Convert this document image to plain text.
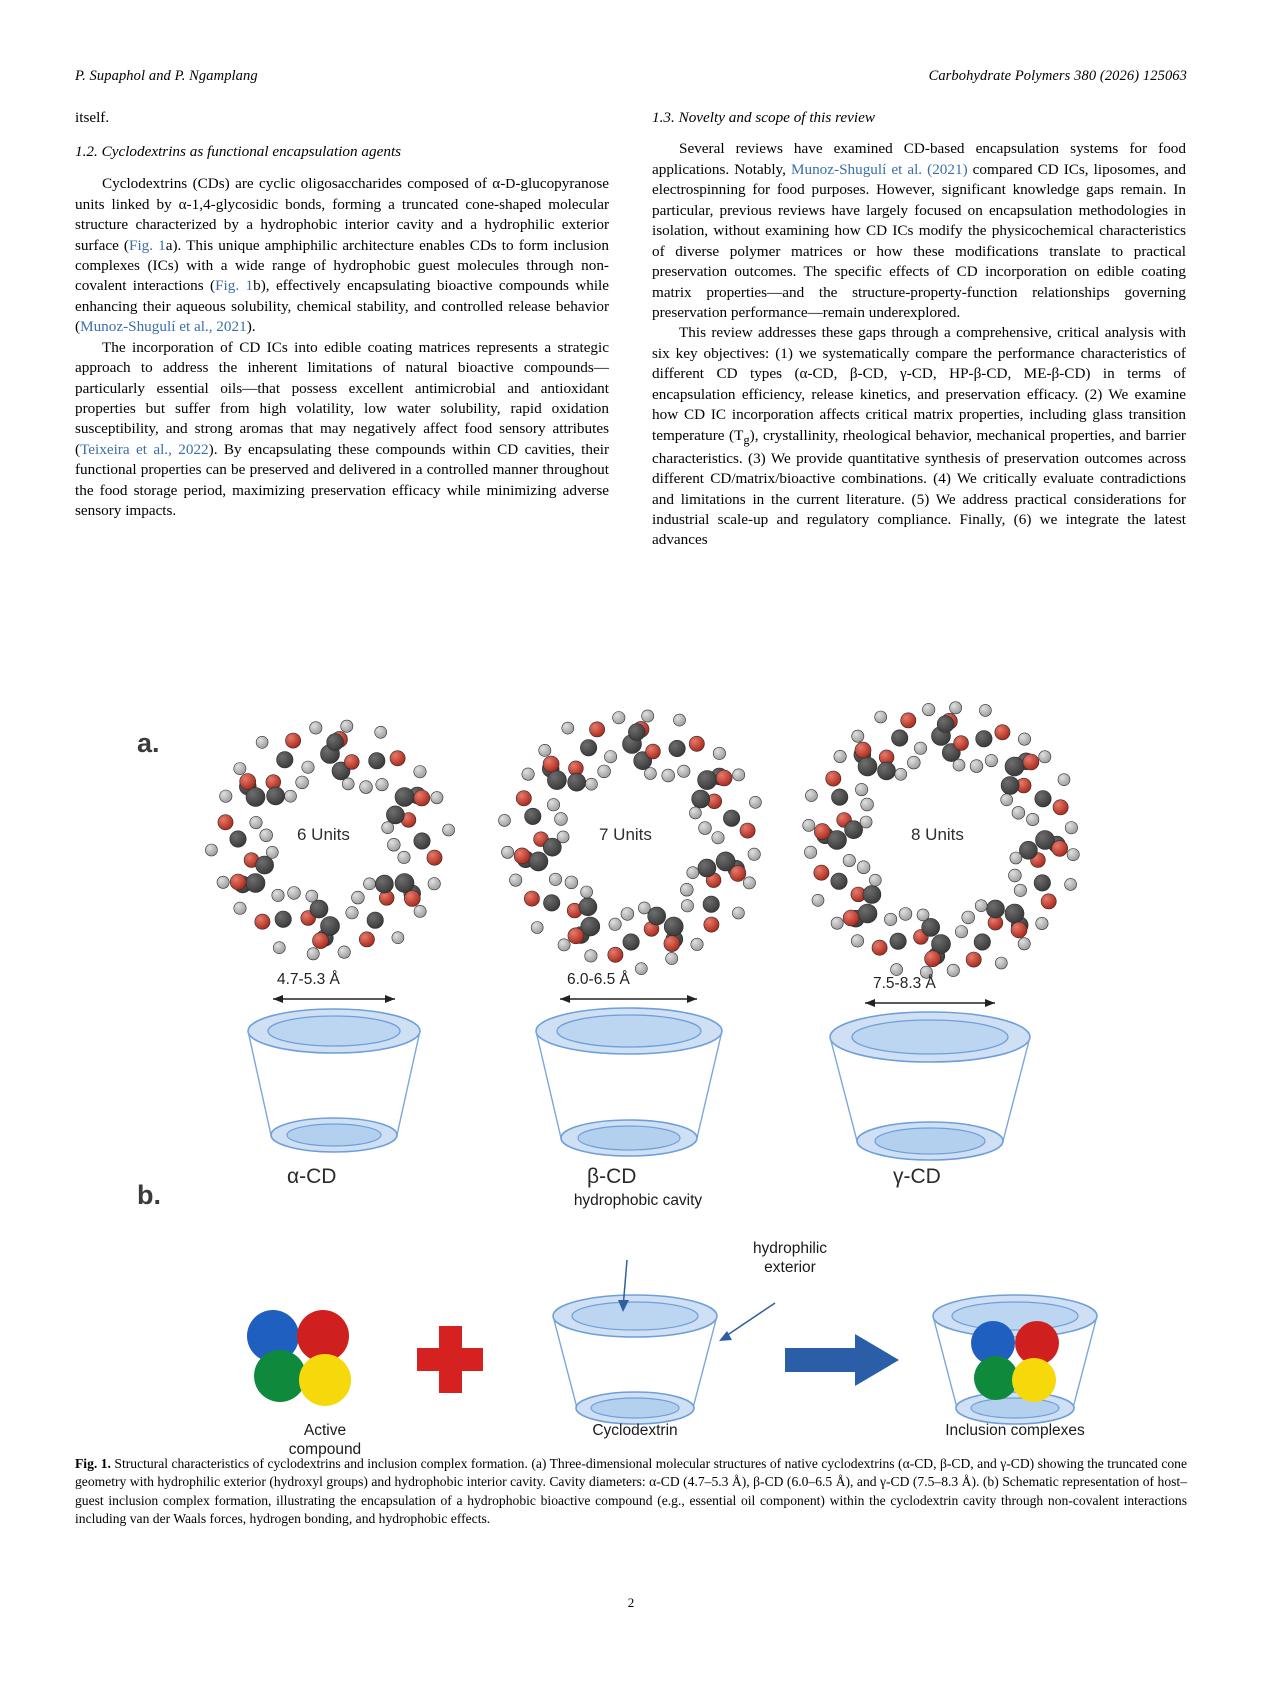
P. Supaphol and P. Ngamplang	Carbohydrate Polymers 380 (2026) 125063

itself.

1.2. Cyclodextrins as functional encapsulation agents

Cyclodextrins (CDs) are cyclic oligosaccharides composed of α-D-glucopyranose units linked by α-1,4-glycosidic bonds, forming a truncated cone-shaped molecular structure characterized by a hydrophobic interior cavity and a hydrophilic exterior surface (Fig. 1a). This unique amphiphilic architecture enables CDs to form inclusion complexes (ICs) with a wide range of hydrophobic guest molecules through non-covalent interactions (Fig. 1b), effectively encapsulating bioactive compounds while enhancing their aqueous solubility, chemical stability, and controlled release behavior (Munoz-Shugulí et al., 2021).

The incorporation of CD ICs into edible coating matrices represents a strategic approach to address the inherent limitations of natural bioactive compounds—particularly essential oils—that possess excellent antimicrobial and antioxidant properties but suffer from high volatility, low water solubility, rapid oxidation susceptibility, and strong aromas that may negatively affect food sensory attributes (Teixeira et al., 2022). By encapsulating these compounds within CD cavities, their functional properties can be preserved and delivered in a controlled manner throughout the food storage period, maximizing preservation efficacy while minimizing adverse sensory impacts.

1.3. Novelty and scope of this review

Several reviews have examined CD-based encapsulation systems for food applications. Notably, Munoz-Shugulí et al. (2021) compared CD ICs, liposomes, and electrospinning for food purposes. However, significant knowledge gaps remain. In particular, previous reviews have largely focused on encapsulation methodologies in isolation, without examining how CD ICs modify the physicochemical characteristics of diverse polymer matrices or how these modifications translate to practical preservation outcomes. The specific effects of CD incorporation on edible coating matrix properties—and the structure-property-function relationships governing preservation performance—remain underexplored.

This review addresses these gaps through a comprehensive, critical analysis with six key objectives: (1) we systematically compare the performance characteristics of different CD types (α-CD, β-CD, γ-CD, HP-β-CD, ME-β-CD) in terms of encapsulation efficiency, release kinetics, and preservation efficacy. (2) We examine how CD IC incorporation affects critical matrix properties, including glass transition temperature $(T_g)$, crystallinity, rheological behavior, mechanical properties, and barrier characteristics. (3) We provide quantitative synthesis of preservation outcomes across different CD/matrix/bioactive combinations. (4) We critically evaluate contradictions and limitations in the current literature. (5) We address practical considerations for industrial scale-up and regulatory compliance. Finally, (6) we integrate the latest advances

a.
b.
6 Units	7 Units	8 Units
4.7-5.3 Å	6.0-6.5 Å	7.5-8.3 Å
α-CD	β-CD	γ-CD
Active
compound
hydrophobic cavity
hydrophilic
exterior
Cyclodextrin	Inclusion complexes
Fig. 1. Structural characteristics of cyclodextrins and inclusion complex formation. (a) Three-dimensional molecular structures of native cyclodextrins (α-CD, β-CD, and γ-CD) showing the truncated cone geometry with hydrophilic exterior (hydroxyl groups) and hydrophobic interior cavity. Cavity diameters: α-CD (4.7–5.3 Å), β-CD (6.0–6.5 Å), and γ-CD (7.5–8.3 Å). (b) Schematic representation of host–guest inclusion complex formation, illustrating the encapsulation of a hydrophobic bioactive compound (e.g., essential oil component) within the cyclodextrin cavity through non-covalent interactions including van der Waals forces, hydrogen bonding, and hydrophobic effects.
2
